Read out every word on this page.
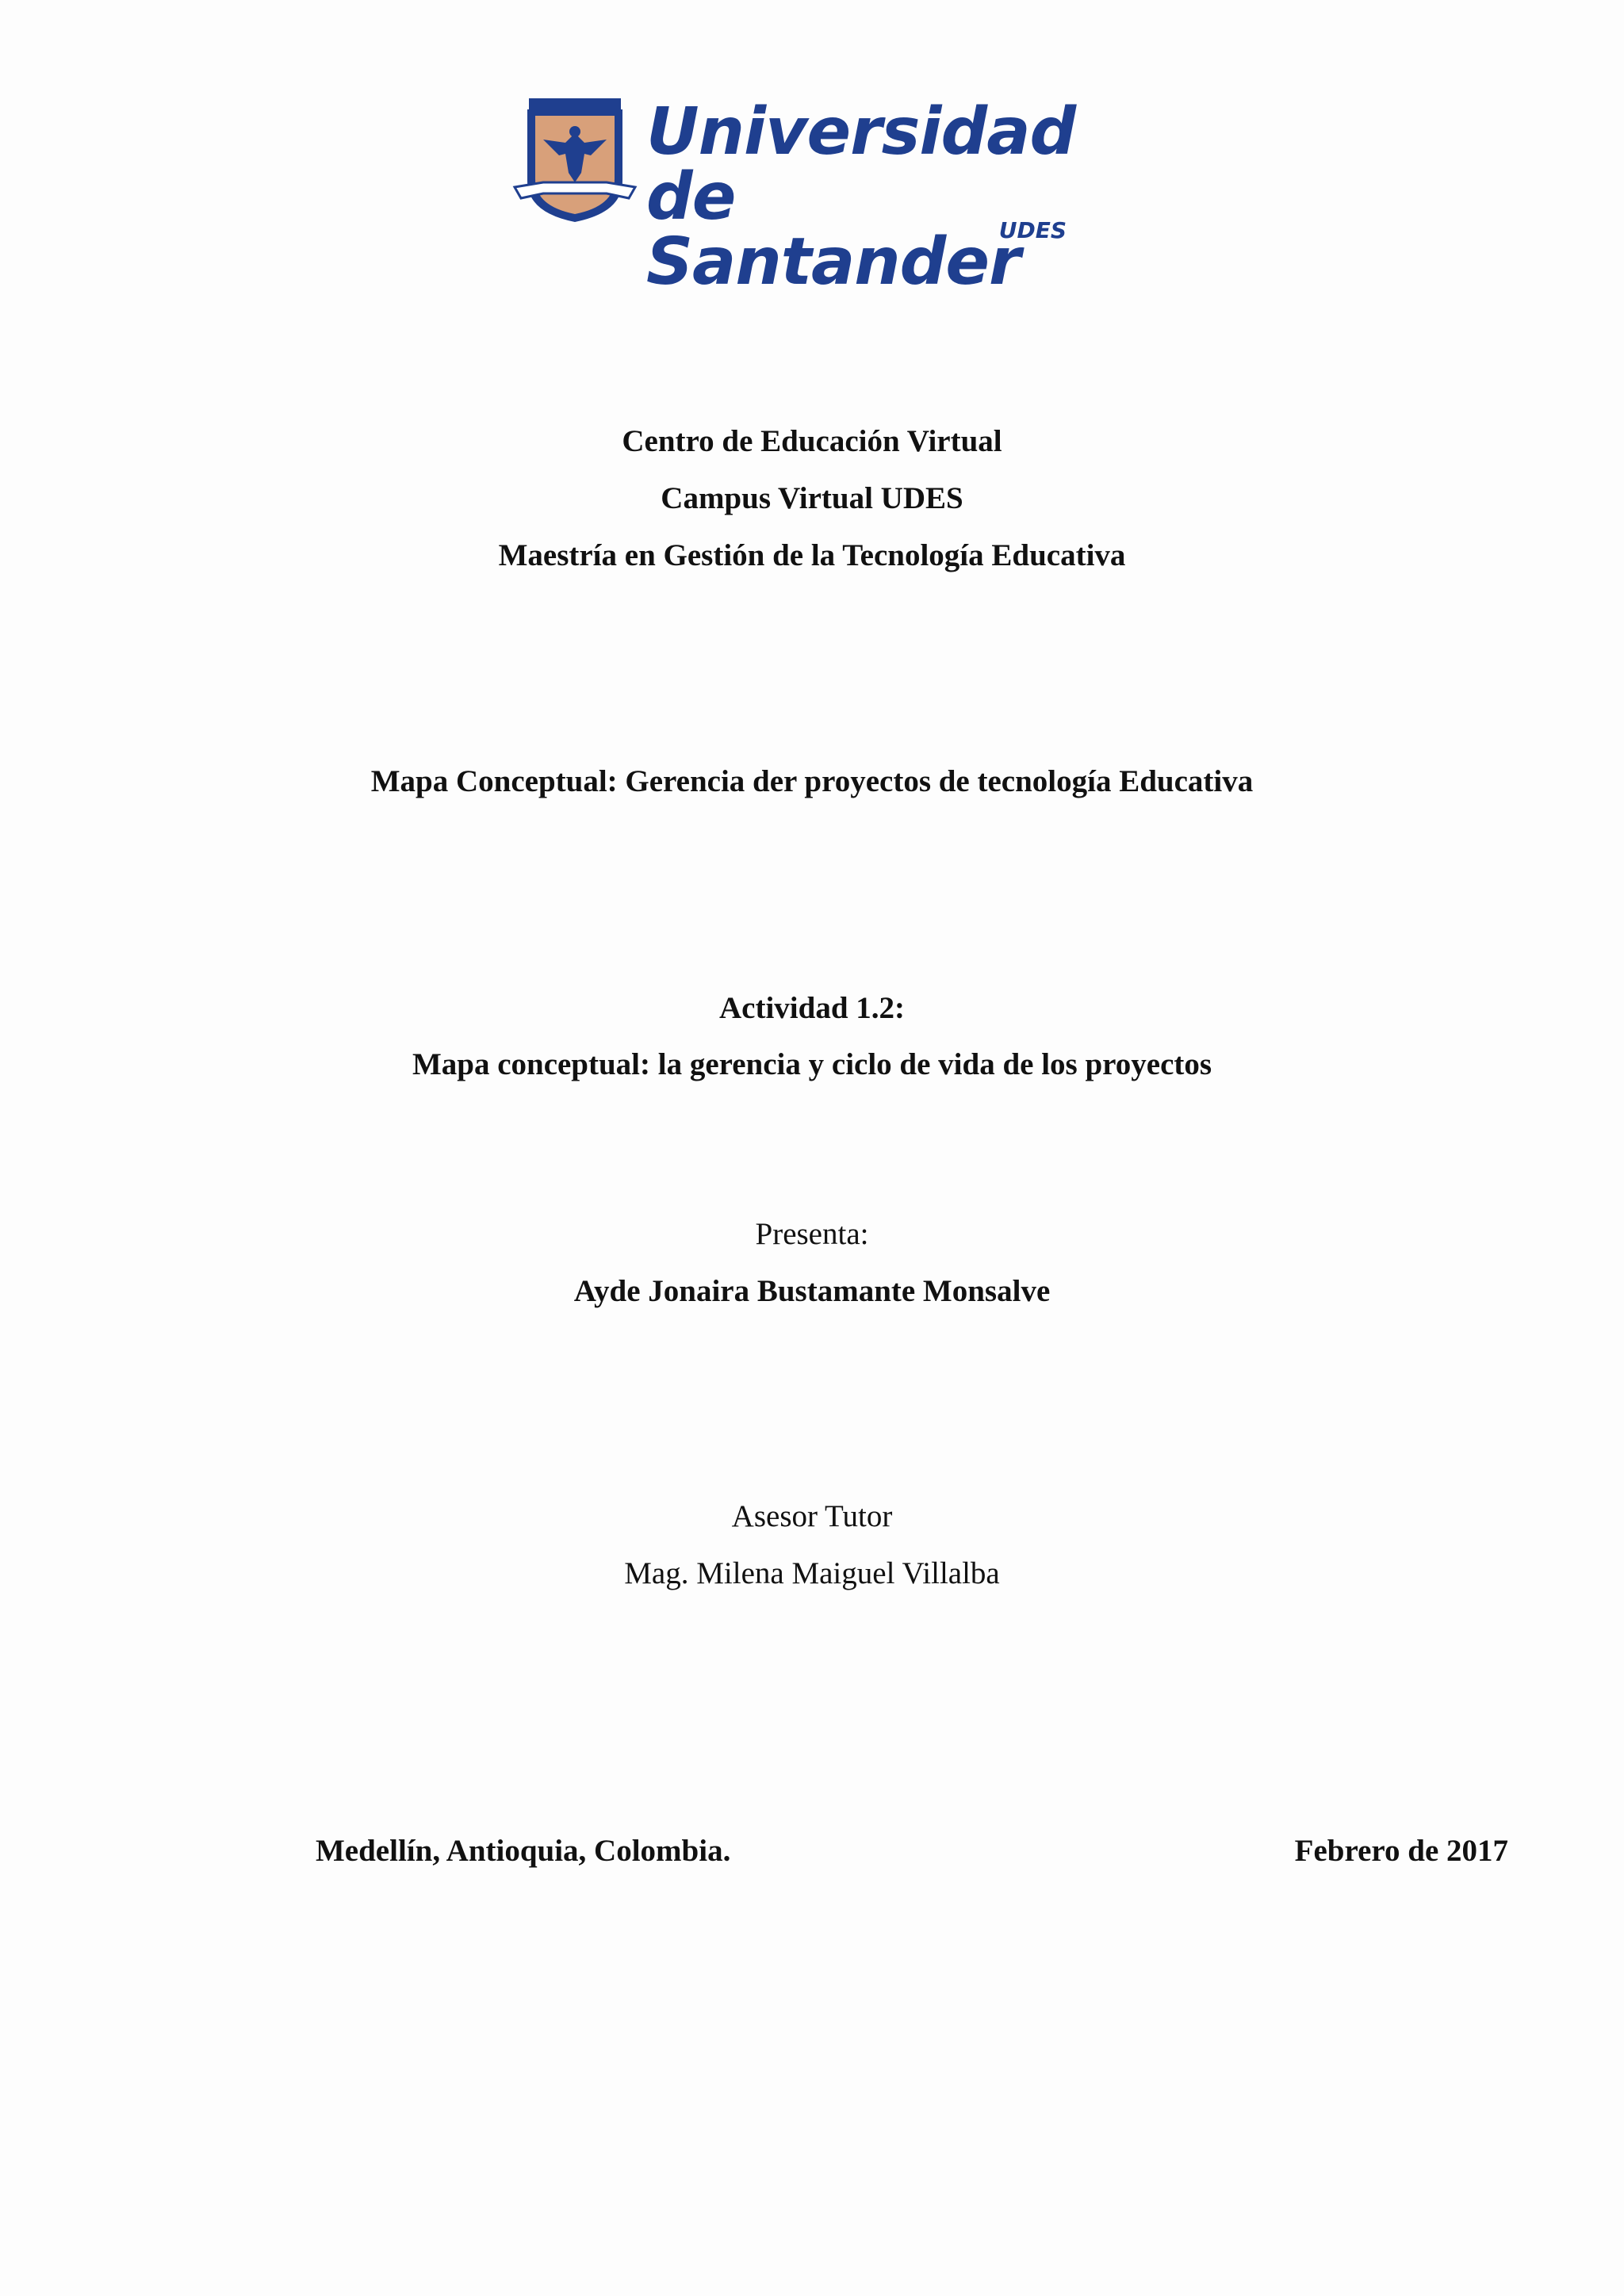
Universidad
de Santander
UDES
Centro de Educación Virtual
Campus Virtual UDES
Maestría en Gestión de la Tecnología Educativa
Mapa Conceptual: Gerencia der proyectos de tecnología Educativa
Actividad 1.2:
Mapa conceptual: la gerencia y ciclo de vida de los proyectos
Presenta:
Ayde Jonaira Bustamante Monsalve
Asesor Tutor
Mag. Milena Maiguel Villalba
Medellín, Antioquia, Colombia.	Febrero de 2017
